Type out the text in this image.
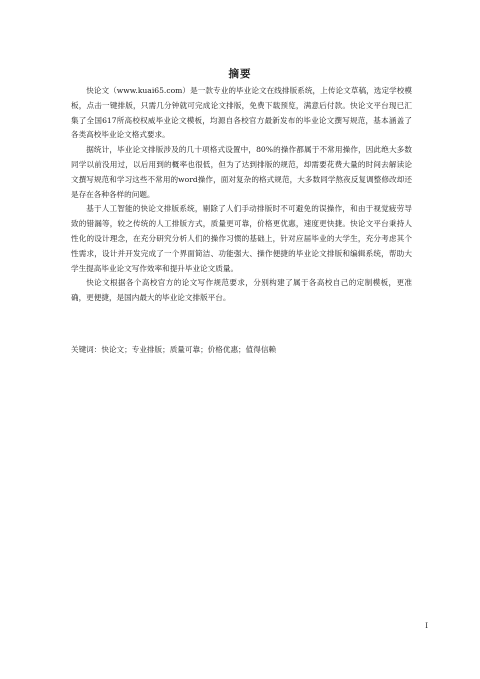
摘要

快论文（www.kuai65.com）是一款专业的毕业论文在线排版系统，上传论文草稿，选定学校模板，点击一键排版，只需几分钟就可完成论文排版，免费下载预览，满意后付款。快论文平台现已汇集了全国617所高校权威毕业论文模板，均源自各校官方最新发布的毕业论文撰写规范，基本涵盖了各类高校毕业论文格式要求。

据统计，毕业论文排版涉及的几十项格式设置中，80%的操作都属于不常用操作，因此绝大多数同学以前没用过，以后用到的概率也很低，但为了达到排版的规范，却需要花费大量的时间去解读论文撰写规范和学习这些不常用的word操作，面对复杂的格式规范，大多数同学熬夜反复调整修改却还是存在各种各样的问题。

基于人工智能的快论文排版系统，剔除了人们手动排版时不可避免的误操作，和由于视觉疲劳导致的错漏等，较之传统的人工排版方式，质量更可靠，价格更优惠，速度更快捷。快论文平台秉持人性化的设计理念，在充分研究分析人们的操作习惯的基础上，针对应届毕业的大学生，充分考虑其个性需求，设计并开发完成了一个界面简洁、功能强大、操作便捷的毕业论文排版和编辑系统，帮助大学生提高毕业论文写作效率和提升毕业论文质量。

快论文根据各个高校官方的论文写作规范要求，分别构建了属于各高校自己的定制模板，更准确，更便捷，是国内最大的毕业论文排版平台。

关键词：快论文；专业排版；质量可靠；价格优惠；值得信赖
I
